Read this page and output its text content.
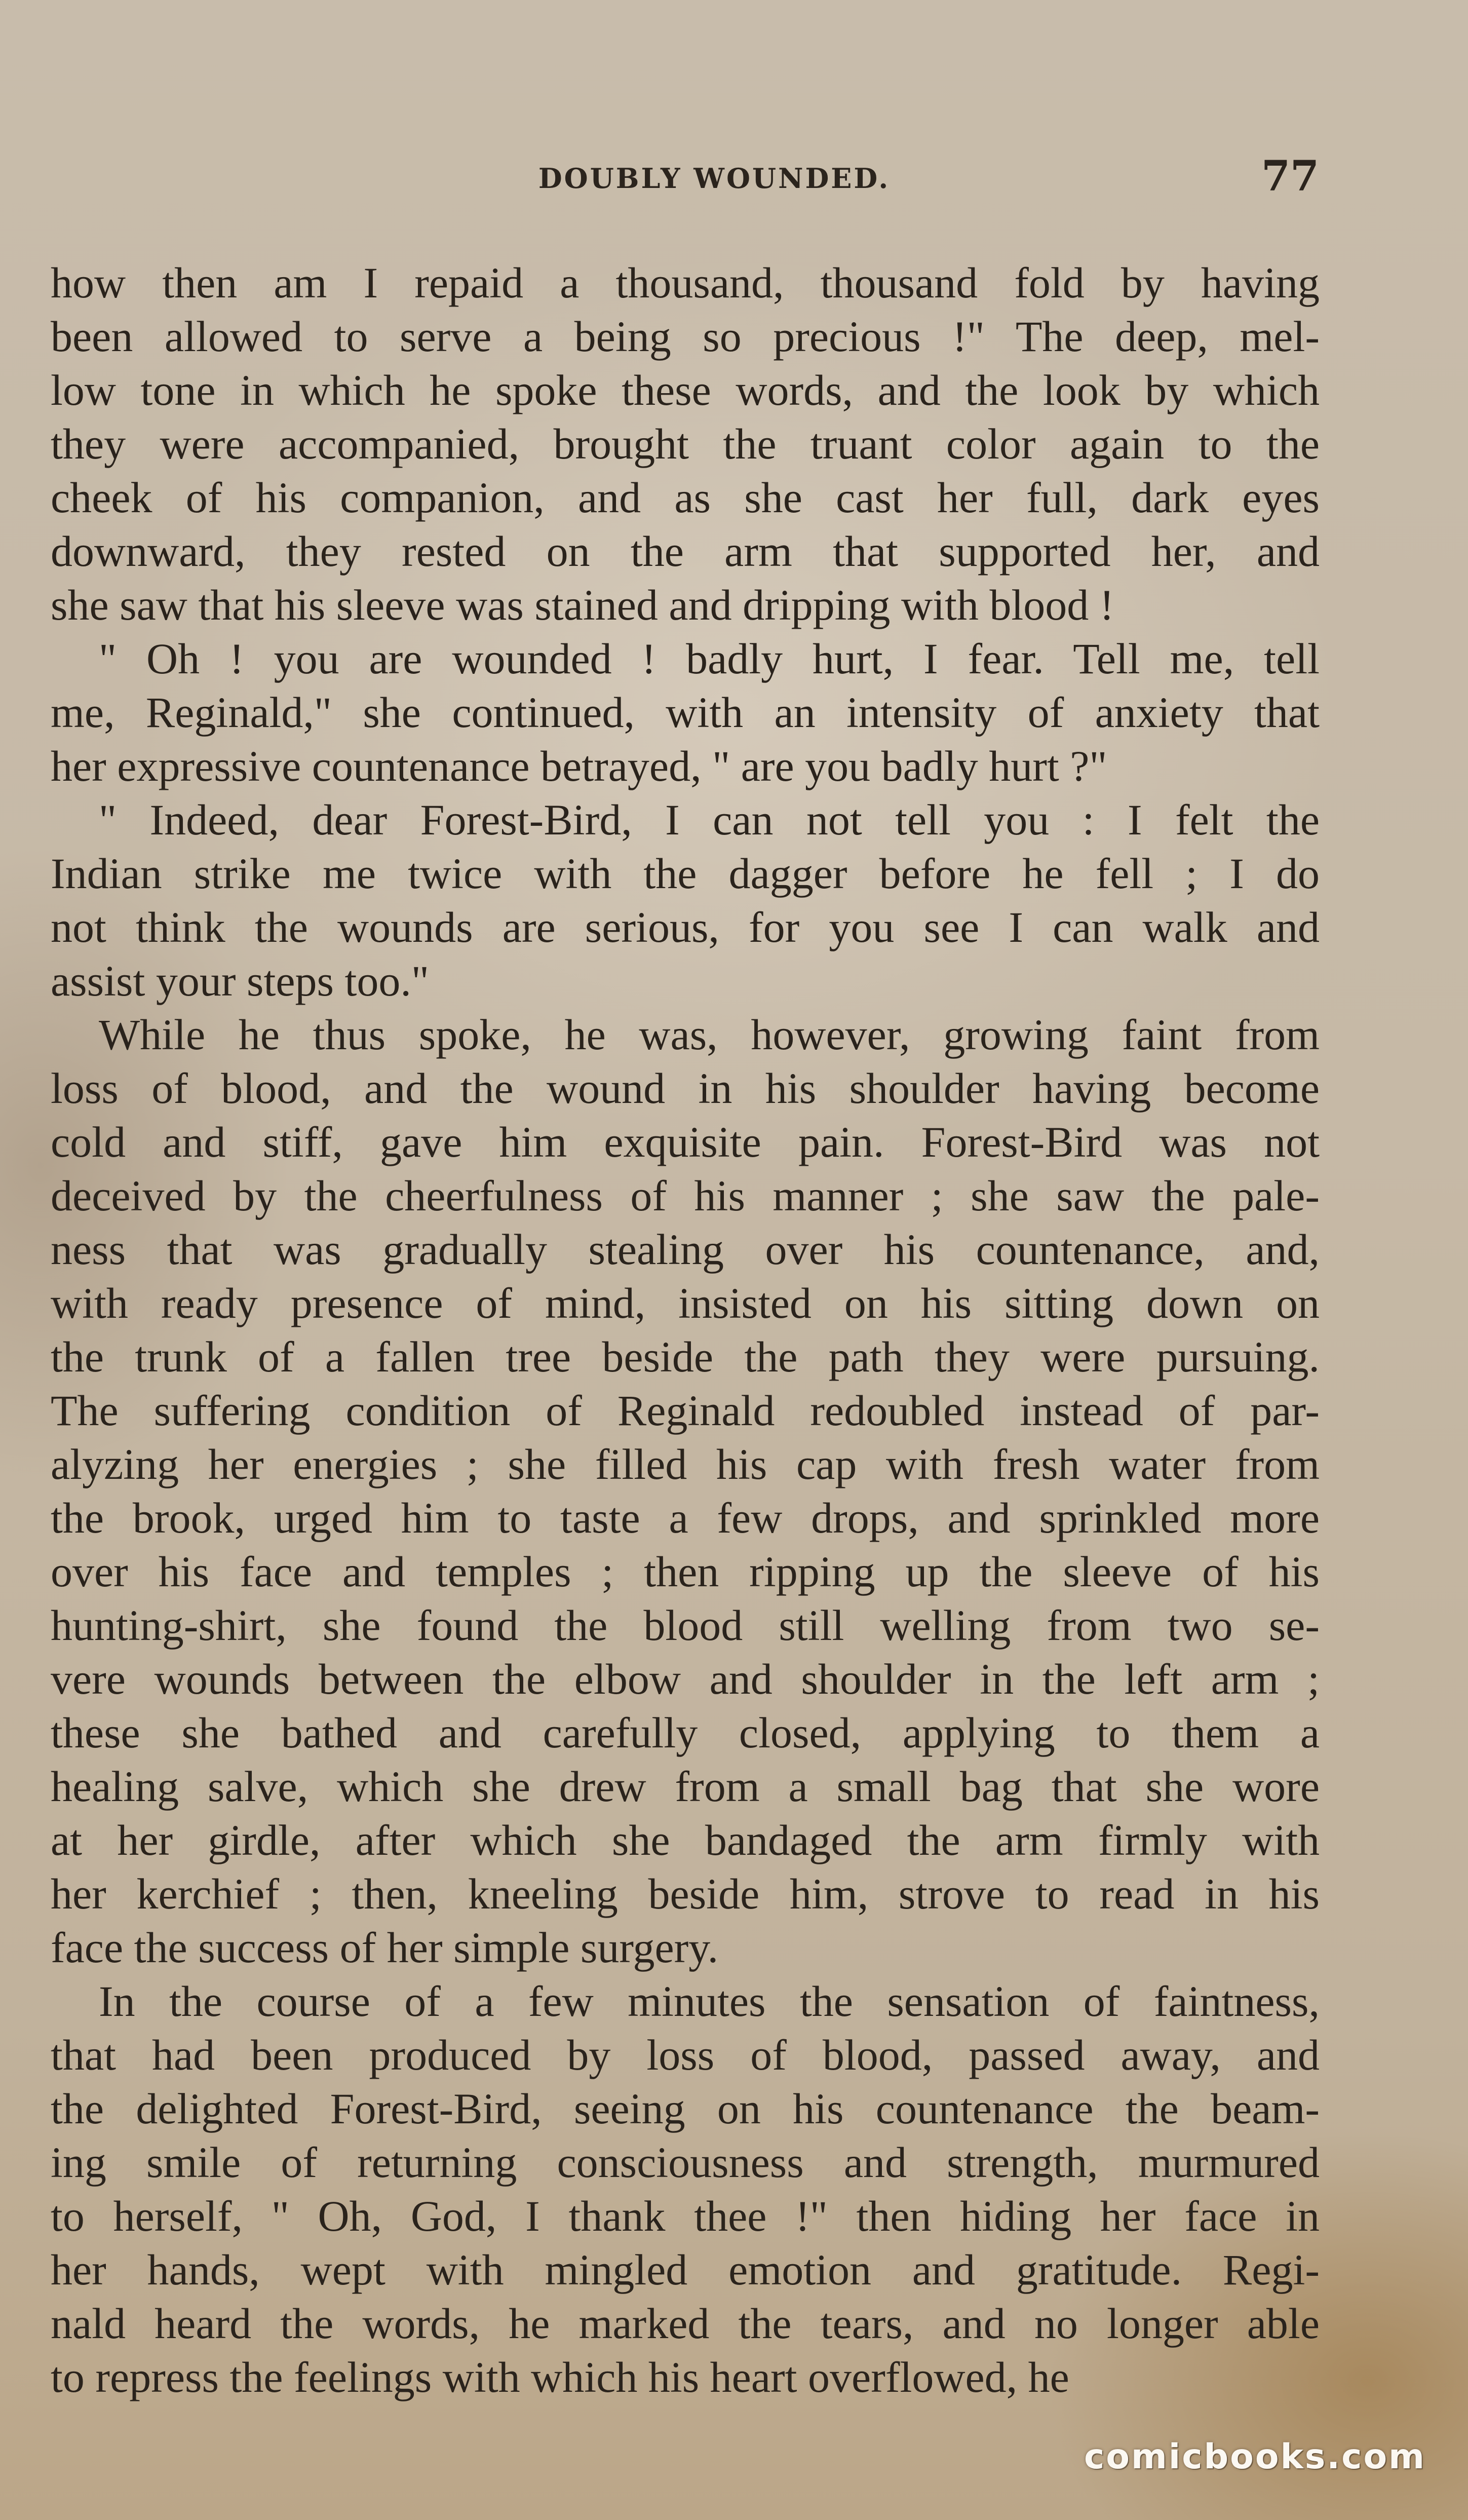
DOUBLY WOUNDED.	77
how then am I repaid a thousand, thousand fold by having
been allowed to serve a being so precious !" The deep, mel-
low tone in which he spoke these words, and the look by which
they were accompanied, brought the truant color again to the
cheek of his companion, and as she cast her full, dark eyes
downward, they rested on the arm that supported her, and
she saw that his sleeve was stained and dripping with blood !
" Oh ! you are wounded ! badly hurt, I fear. Tell me, tell
me, Reginald," she continued, with an intensity of anxiety that
her expressive countenance betrayed, " are you badly hurt ?"
" Indeed, dear Forest-Bird, I can not tell you : I felt the
Indian strike me twice with the dagger before he fell ; I do
not think the wounds are serious, for you see I can walk and
assist your steps too."
While he thus spoke, he was, however, growing faint from
loss of blood, and the wound in his shoulder having become
cold and stiff, gave him exquisite pain. Forest-Bird was not
deceived by the cheerfulness of his manner ; she saw the pale-
ness that was gradually stealing over his countenance, and,
with ready presence of mind, insisted on his sitting down on
the trunk of a fallen tree beside the path they were pursuing.
The suffering condition of Reginald redoubled instead of par-
alyzing her energies ; she filled his cap with fresh water from
the brook, urged him to taste a few drops, and sprinkled more
over his face and temples ; then ripping up the sleeve of his
hunting-shirt, she found the blood still welling from two se-
vere wounds between the elbow and shoulder in the left arm ;
these she bathed and carefully closed, applying to them a
healing salve, which she drew from a small bag that she wore
at her girdle, after which she bandaged the arm firmly with
her kerchief ; then, kneeling beside him, strove to read in his
face the success of her simple surgery.
In the course of a few minutes the sensation of faintness,
that had been produced by loss of blood, passed away, and
the delighted Forest-Bird, seeing on his countenance the beam-
ing smile of returning consciousness and strength, murmured
to herself, " Oh, God, I thank thee !" then hiding her face in
her hands, wept with mingled emotion and gratitude. Regi-
nald heard the words, he marked the tears, and no longer able
to repress the feelings with which his heart overflowed, he
comicbooks.com
